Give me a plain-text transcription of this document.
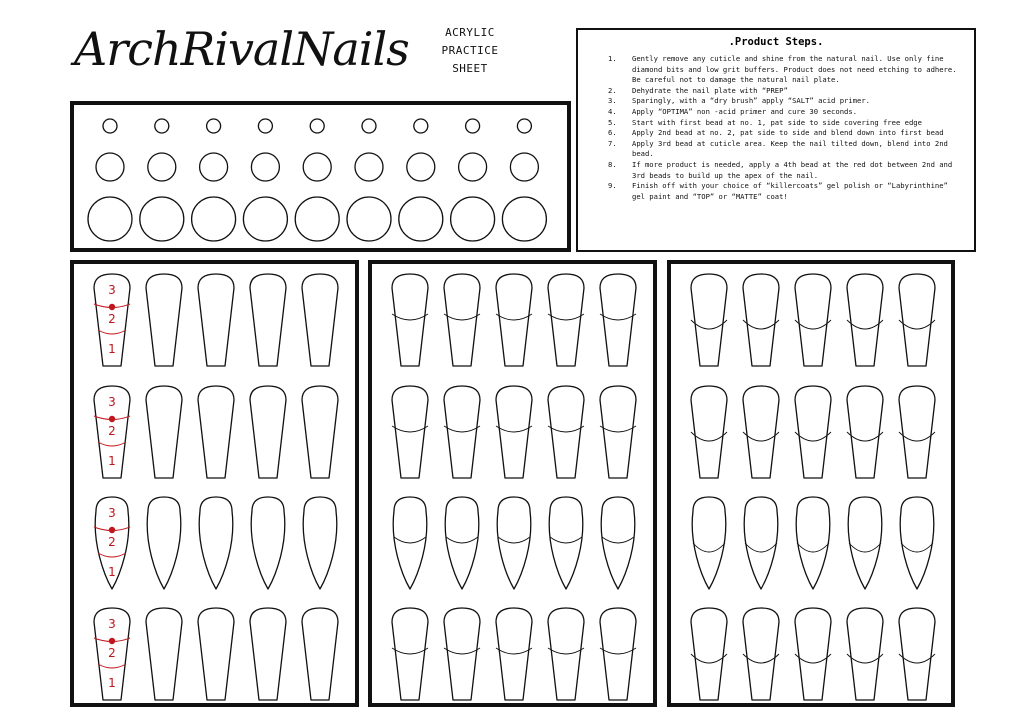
ArchRivalNails	ACRYLIC
PRACTICE
SHEET
.Product Steps.
1. Gently remove any cuticle and shine from the natural nail. Use only fine diamond bits and low grit buffers. Product does not need etching to adhere. Be careful not to damage the natural nail plate.
2. Dehydrate the nail plate with “PREP”
3. Sparingly, with a “dry brush” apply “SALT” acid primer.
4. Apply “OPTIMA” non -acid primer and cure 30 seconds.
5. Start with first bead at no. 1, pat side to side covering free edge
6. Apply 2nd bead at no. 2, pat side to side and blend down into first bead
7. Apply 3rd bead at cuticle area. Keep the nail tilted down, blend into 2nd bead.
8. If more product is needed, apply a 4th bead at the red dot between 2nd and 3rd beads to build up the apex of the nail.
9. Finish off with your choice of “killercoats” gel polish or “Labyrinthine” gel paint and “TOP” or “MATTE” coat!
3
2
1
3
2
1
3
2
1
3
2
1
